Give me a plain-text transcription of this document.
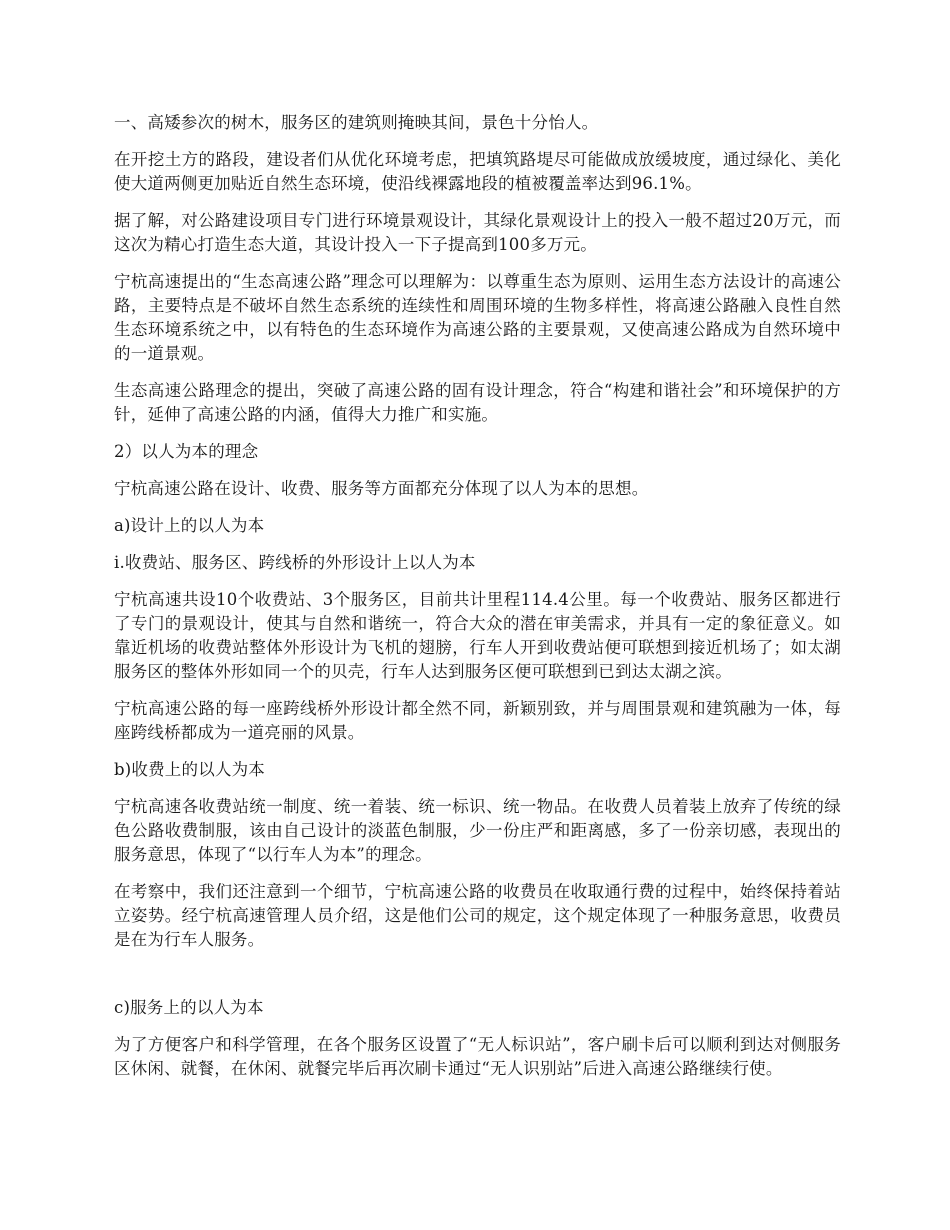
一、高矮参次的树木，服务区的建筑则掩映其间，景色十分怡人。

在开挖土方的路段，建设者们从优化环境考虑，把填筑路堤尽可能做成放缓坡度，通过绿化、美化使大道两侧更加贴近自然生态环境，使沿线裸露地段的植被覆盖率达到96.1%。

据了解，对公路建设项目专门进行环境景观设计，其绿化景观设计上的投入一般不超过20万元，而这次为精心打造生态大道，其设计投入一下子提高到100多万元。

宁杭高速提出的“生态高速公路”理念可以理解为：以尊重生态为原则、运用生态方法设计的高速公路，主要特点是不破坏自然生态系统的连续性和周围环境的生物多样性，将高速公路融入良性自然生态环境系统之中，以有特色的生态环境作为高速公路的主要景观，又使高速公路成为自然环境中的一道景观。

生态高速公路理念的提出，突破了高速公路的固有设计理念，符合“构建和谐社会”和环境保护的方针，延伸了高速公路的内涵，值得大力推广和实施。

2）以人为本的理念

宁杭高速公路在设计、收费、服务等方面都充分体现了以人为本的思想。

a)设计上的以人为本

i.收费站、服务区、跨线桥的外形设计上以人为本

宁杭高速共设10个收费站、3个服务区，目前共计里程114.4公里。每一个收费站、服务区都进行了专门的景观设计，使其与自然和谐统一，符合大众的潜在审美需求，并具有一定的象征意义。如靠近机场的收费站整体外形设计为飞机的翅膀，行车人开到收费站便可联想到接近机场了；如太湖服务区的整体外形如同一个的贝壳，行车人达到服务区便可联想到已到达太湖之滨。

宁杭高速公路的每一座跨线桥外形设计都全然不同，新颖别致，并与周围景观和建筑融为一体，每座跨线桥都成为一道亮丽的风景。

b)收费上的以人为本

宁杭高速各收费站统一制度、统一着装、统一标识、统一物品。在收费人员着装上放弃了传统的绿色公路收费制服，该由自己设计的淡蓝色制服，少一份庄严和距离感，多了一份亲切感，表现出的服务意思，体现了“以行车人为本”的理念。

在考察中，我们还注意到一个细节，宁杭高速公路的收费员在收取通行费的过程中，始终保持着站立姿势。经宁杭高速管理人员介绍，这是他们公司的规定，这个规定体现了一种服务意思，收费员是在为行车人服务。

c)服务上的以人为本

为了方便客户和科学管理，在各个服务区设置了“无人标识站”，客户刷卡后可以顺利到达对侧服务区休闲、就餐，在休闲、就餐完毕后再次刷卡通过“无人识别站”后进入高速公路继续行使。
